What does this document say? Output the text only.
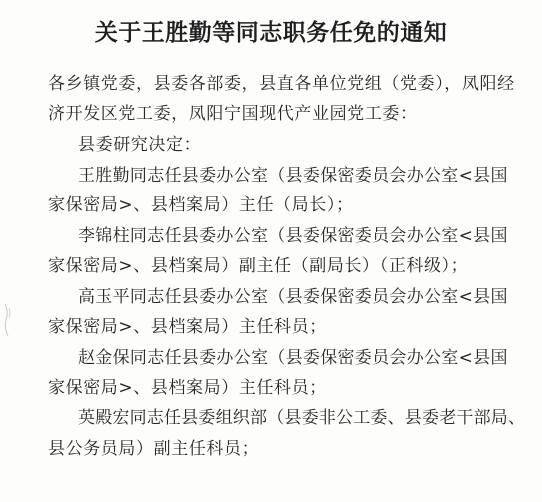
关于王胜勤等同志职务任免的通知
各乡镇党委，县委各部委，县直各单位党组（党委），凤阳经
济开发区党工委，凤阳宁国现代产业园党工委：
县委研究决定：
王胜勤同志任县委办公室（县委保密委员会办公室<县国
家保密局>、县档案局）主任（局长）；
李锦柱同志任县委办公室（县委保密委员会办公室<县国
家保密局>、县档案局）副主任（副局长）（正科级）；
高玉平同志任县委办公室（县委保密委员会办公室<县国
家保密局>、县档案局）主任科员；
赵金保同志任县委办公室（县委保密委员会办公室<县国
家保密局>、县档案局）主任科员；
英殿宏同志任县委组织部（县委非公工委、县委老干部局、
县公务员局）副主任科员；
